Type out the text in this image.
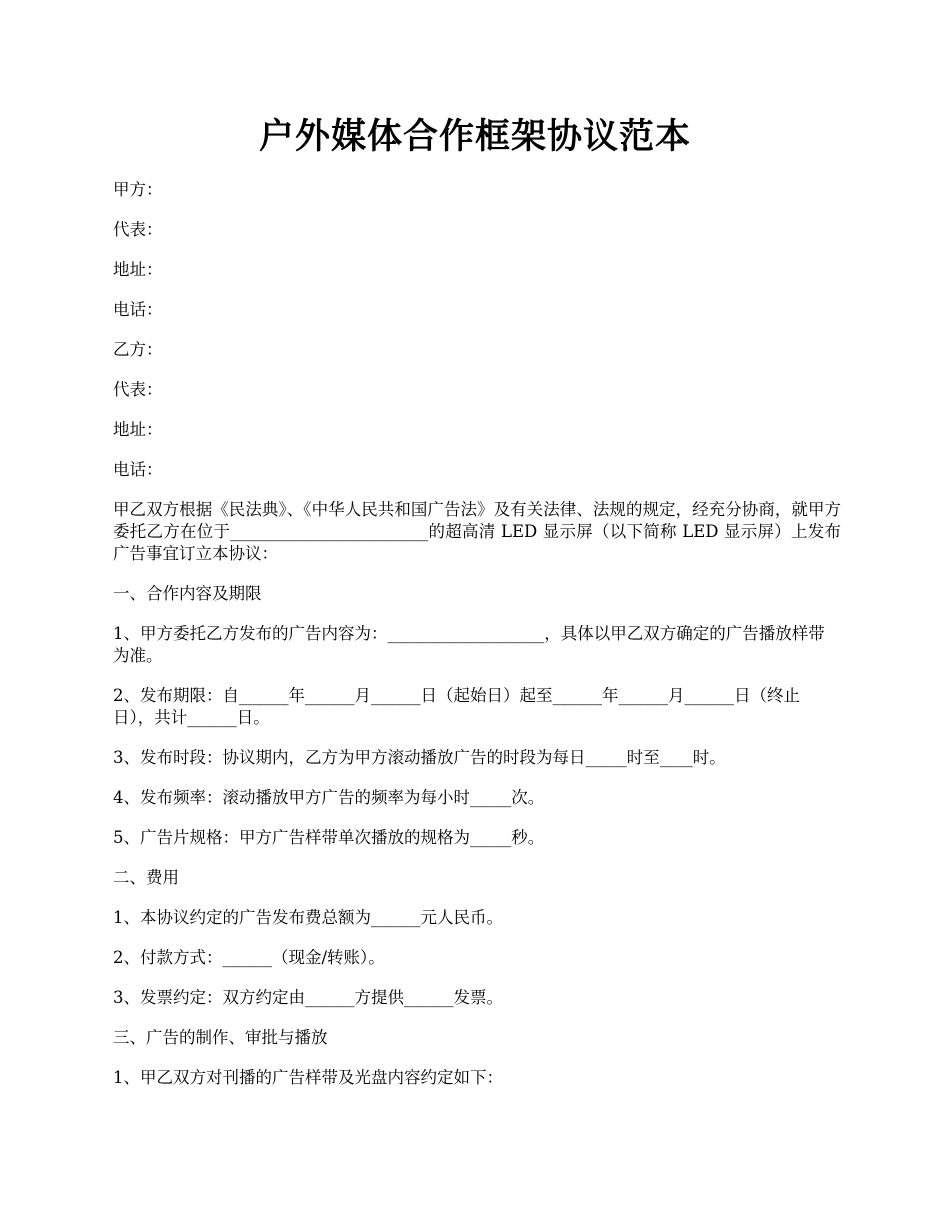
户外媒体合作框架协议范本

甲方：

代表：

地址：

电话：

乙方：

代表：

地址：

电话：

甲乙双方根据《民法典》、《中华人民共和国广告法》及有关法律、法规的规定，经充分协商，就甲方委托乙方在位于________________________的超高清 LED 显示屏（以下简称 LED 显示屏）上发布广告事宜订立本协议：

一、合作内容及期限

1、甲方委托乙方发布的广告内容为：___________________，具体以甲乙双方确定的广告播放样带为准。

2、发布期限：自______年______月______日（起始日）起至______年______月______日（终止日），共计______日。

3、发布时段：协议期内，乙方为甲方滚动播放广告的时段为每日_____时至____时。

4、发布频率：滚动播放甲方广告的频率为每小时_____次。

5、广告片规格：甲方广告样带单次播放的规格为_____秒。

二、费用

1、本协议约定的广告发布费总额为______元人民币。

2、付款方式：______（现金/转账）。

3、发票约定：双方约定由______方提供______发票。

三、广告的制作、审批与播放

1、甲乙双方对刊播的广告样带及光盘内容约定如下：
